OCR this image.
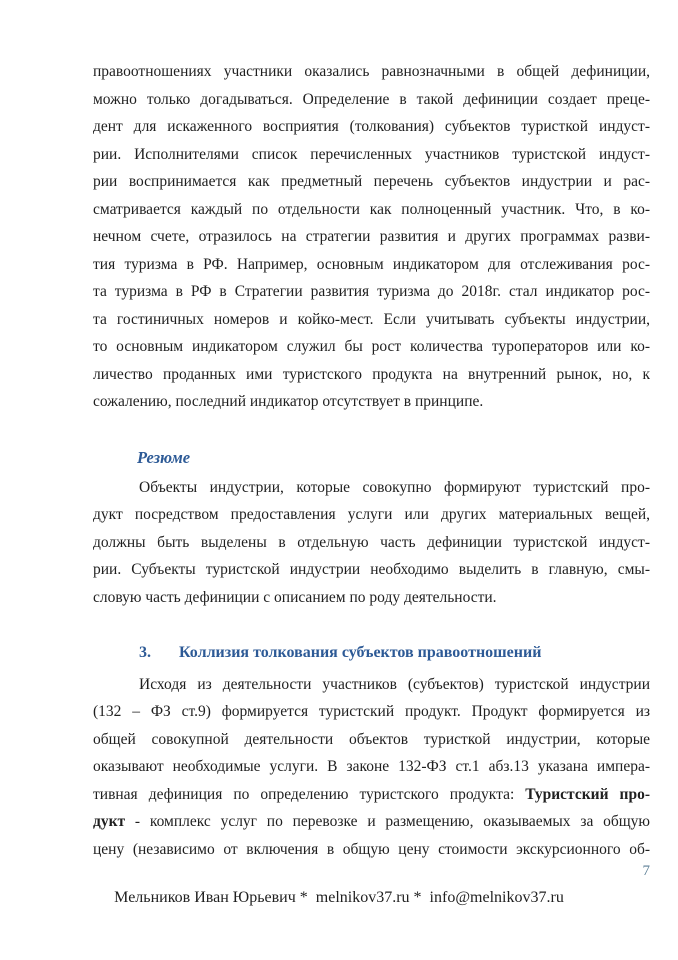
правоотношениях участники оказались равнозначными в общей дефиниции,
можно только догадываться. Определение в такой дефиниции создает преце-
дент для искаженного восприятия (толкования) субъектов туристкой индуст-
рии. Исполнителями список перечисленных участников туристской индуст-
рии воспринимается как предметный перечень субъектов индустрии и рас-
сматривается каждый по отдельности как полноценный участник. Что, в ко-
нечном счете, отразилось на стратегии развития и других программах разви-
тия туризма в РФ. Например, основным индикатором для отслеживания рос-
та туризма в РФ в Стратегии развития туризма до 2018г. стал индикатор рос-
та гостиничных номеров и койко-мест. Если учитывать субъекты индустрии,
то основным индикатором служил бы рост количества туроператоров или ко-
личество проданных ими туристского продукта на внутренний рынок, но, к
сожалению, последний индикатор отсутствует в принципе.
Резюме
Объекты индустрии, которые совокупно формируют туристский про-
дукт посредством предоставления услуги или других материальных вещей,
должны быть выделены в отдельную часть дефиниции туристской индуст-
рии. Субъекты туристской индустрии необходимо выделить в главную, смы-
словую часть дефиниции с описанием по роду деятельности.
3. Коллизия толкования субъектов правоотношений
Исходя из деятельности участников (субъектов) туристской индустрии
(132 – ФЗ ст.9) формируется туристский продукт. Продукт формируется из
общей совокупной деятельности объектов туристкой индустрии, которые
оказывают необходимые услуги. В законе 132-ФЗ ст.1 абз.13 указана импера-
тивная дефиниция по определению туристского продукта: Туристский про-
дукт - комплекс услуг по перевозке и размещению, оказываемых за общую
цену (независимо от включения в общую цену стоимости экскурсионного об-
7
Мельников Иван Юрьевич *  melnikov37.ru *  info@melnikov37.ru
